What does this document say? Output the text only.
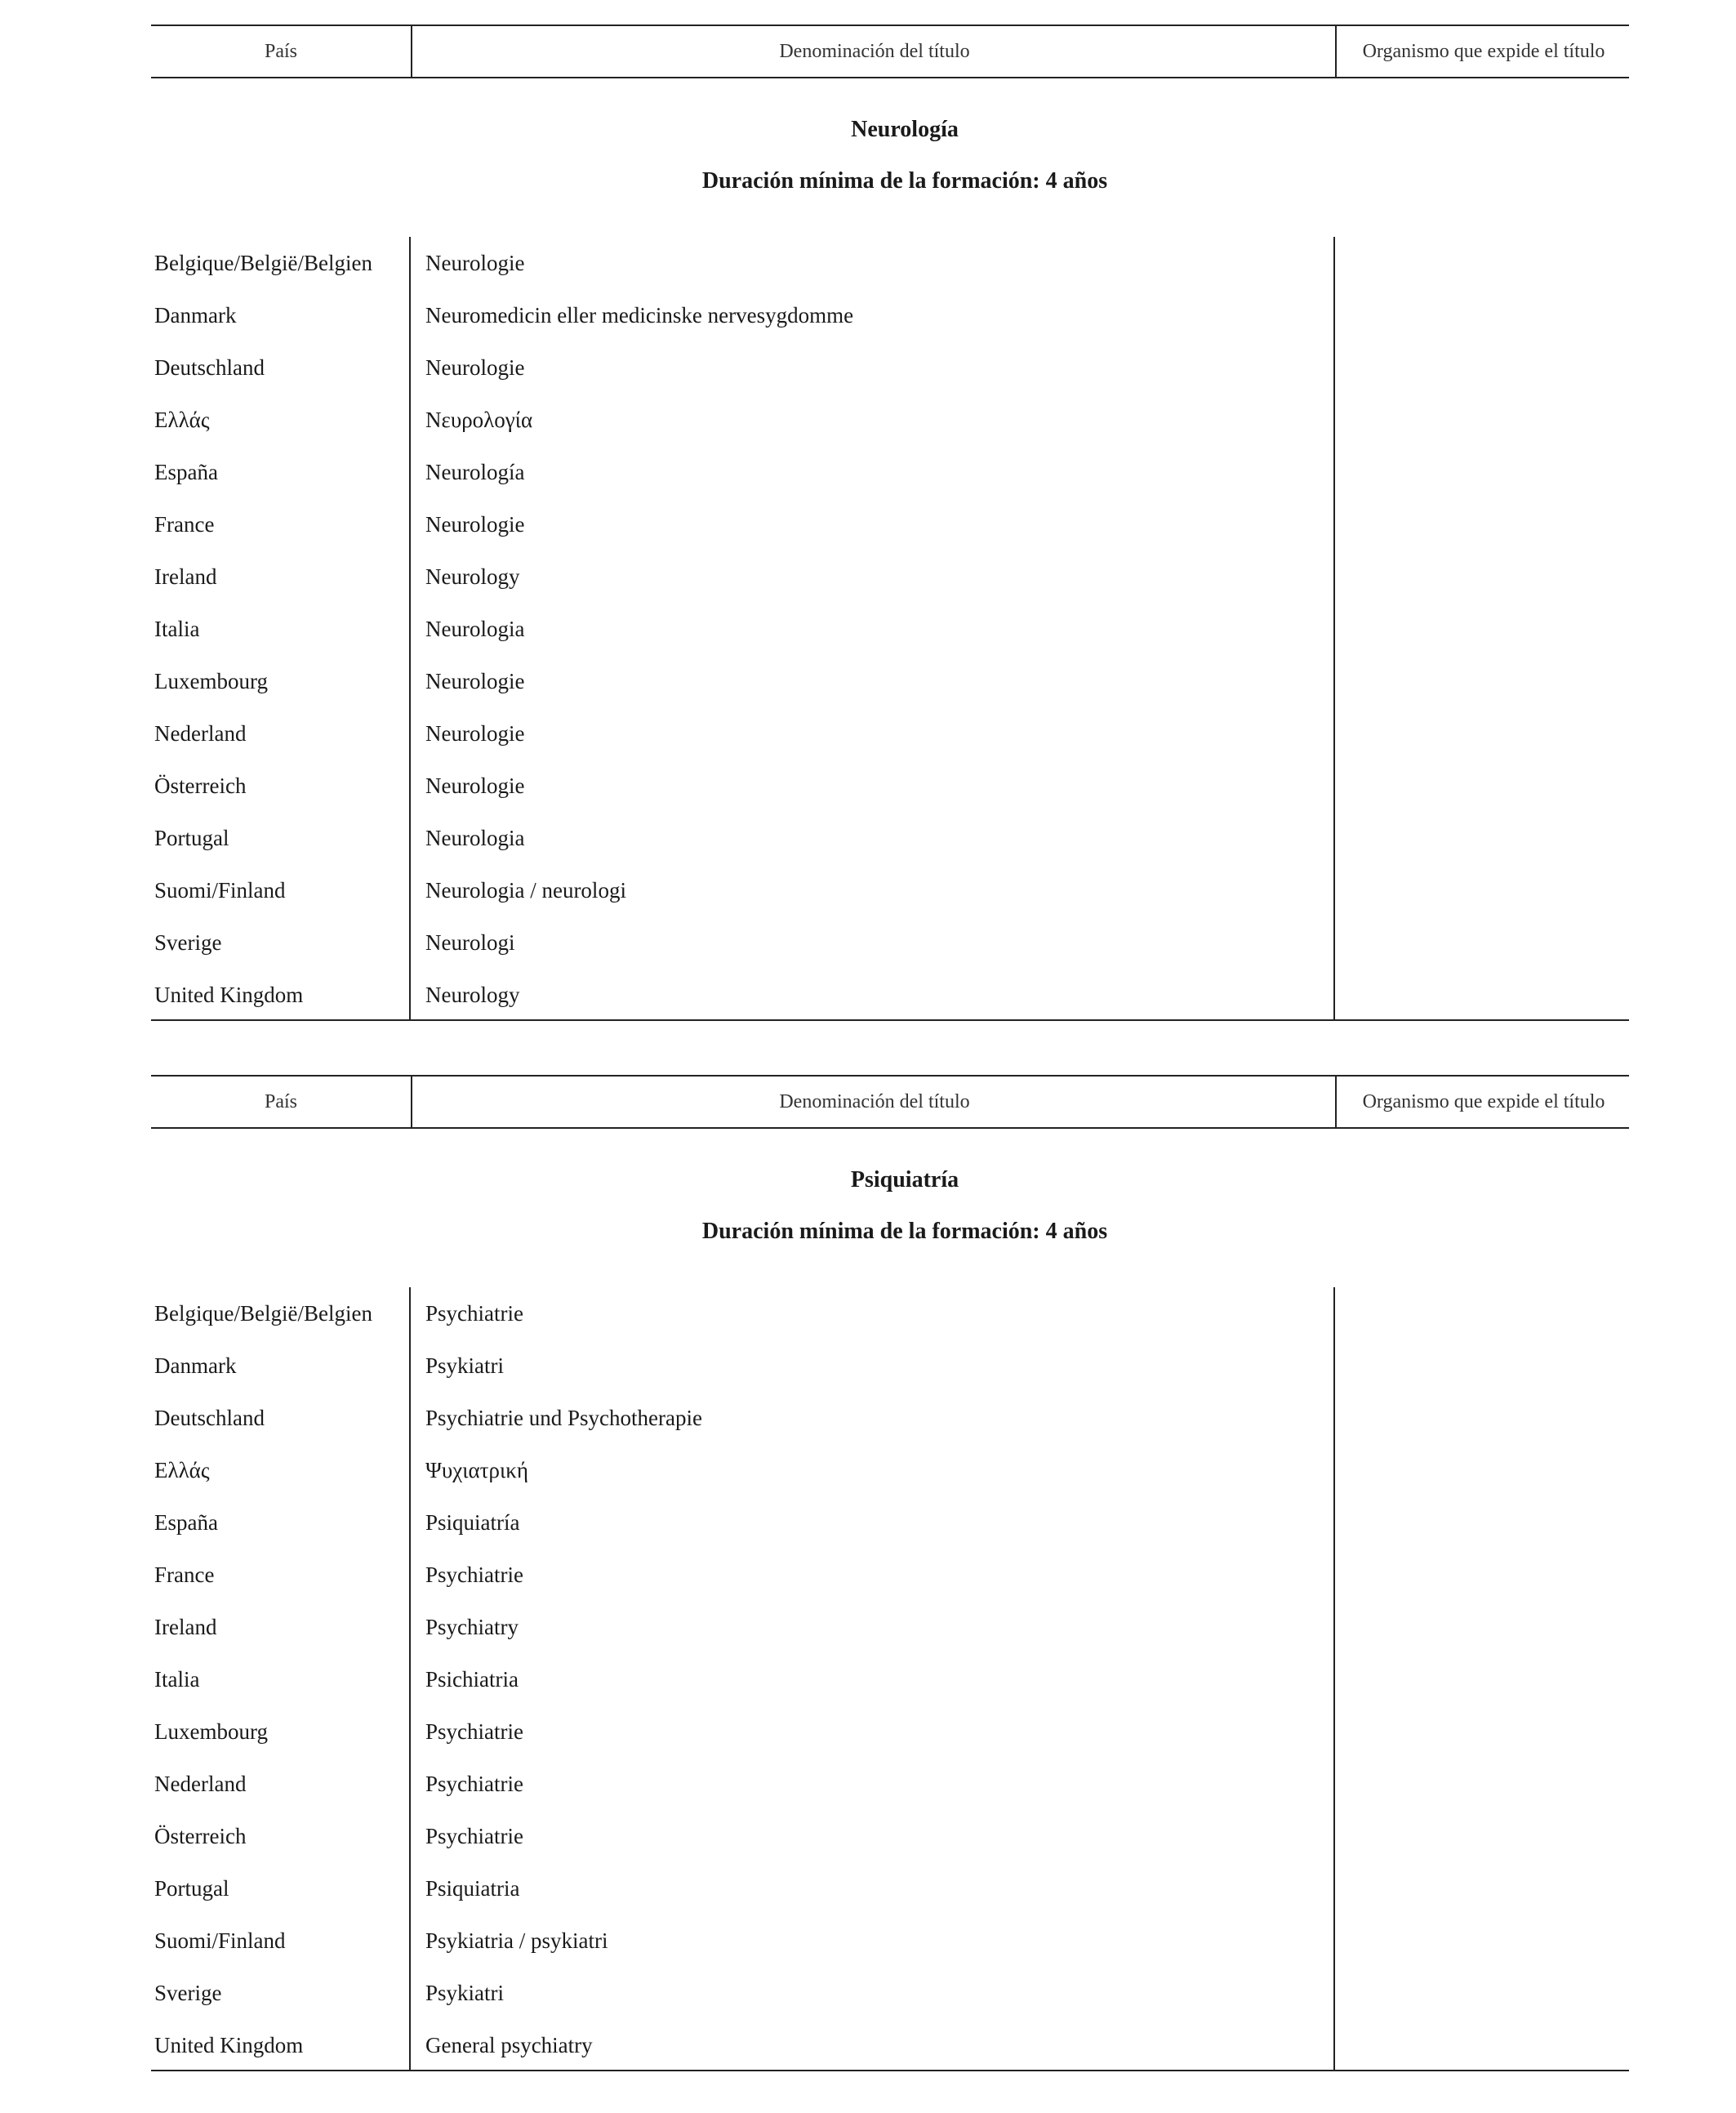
País	Denominación del título	Organismo que expide el título
Neurología
Duración mínima de la formación: 4 años
Belgique/België/Belgien Neurologie
Danmark	Neuromedicin eller medicinske nervesygdomme
Deutschland	Neurologie
Ελλάς	Νευρολογία
España	Neurología
France	Neurologie
Ireland	Neurology
Italia	Neurologia
Luxembourg	Neurologie
Nederland	Neurologie
Österreich	Neurologie
Portugal	Neurologia
Suomi/Finland	Neurologia / neurologi
Sverige	Neurologi
United Kingdom	Neurology
País	Denominación del título	Organismo que expide el título
Psiquiatría
Duración mínima de la formación: 4 años
Belgique/België/Belgien Psychiatrie
Danmark	Psykiatri
Deutschland	Psychiatrie und Psychotherapie
Ελλάς	Ψυχιατρική
España	Psiquiatría
France	Psychiatrie
Ireland	Psychiatry
Italia	Psichiatria
Luxembourg	Psychiatrie
Nederland	Psychiatrie
Österreich	Psychiatrie
Portugal	Psiquiatria
Suomi/Finland	Psykiatria / psykiatri
Sverige	Psykiatri
United Kingdom	General psychiatry
